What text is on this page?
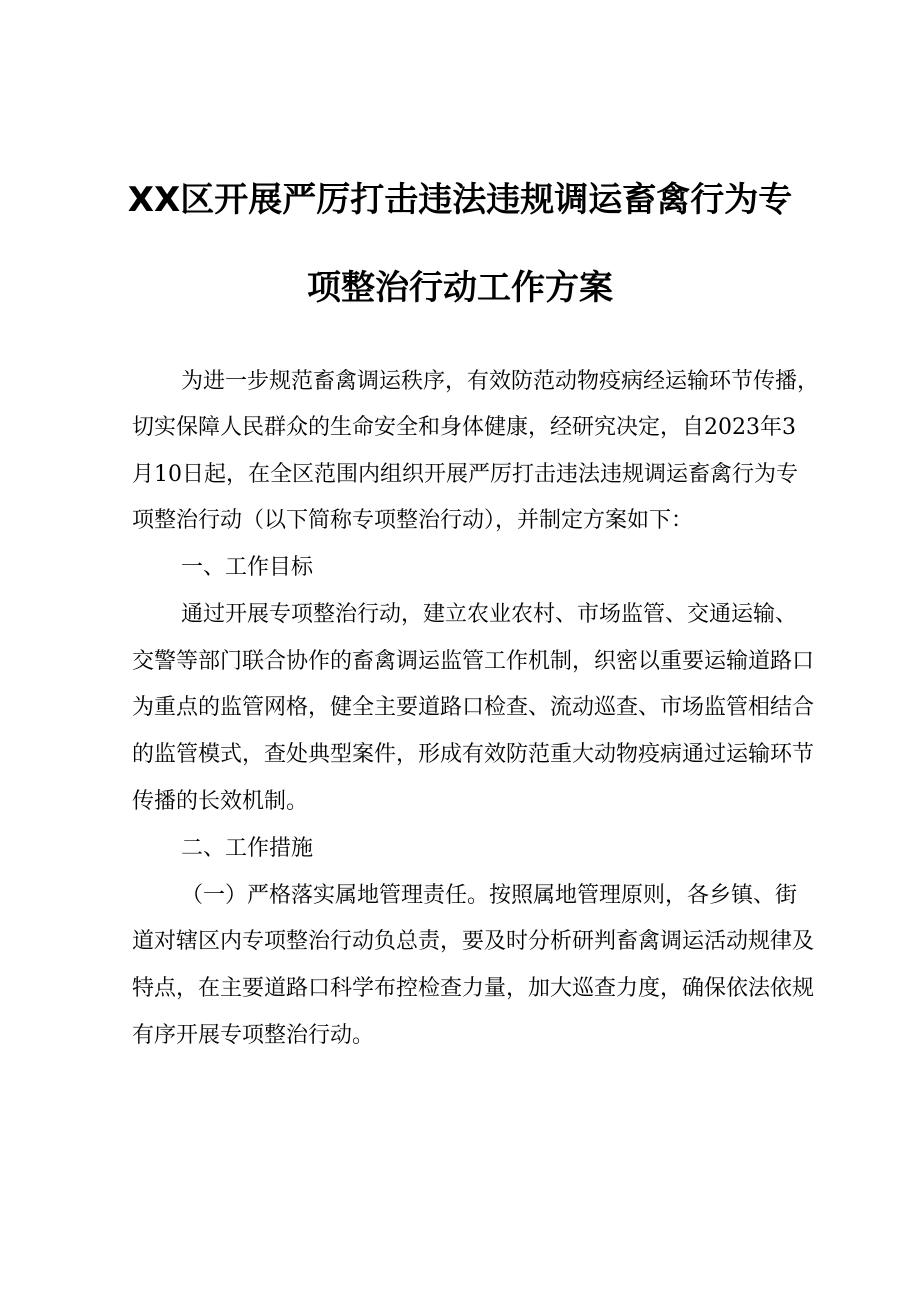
XX区开展严厉打击违法违规调运畜禽行为专
项整治行动工作方案
为进一步规范畜禽调运秩序，有效防范动物疫病经运输环节传播，
切实保障人民群众的生命安全和身体健康，经研究决定，自2023年3
月10日起，在全区范围内组织开展严厉打击违法违规调运畜禽行为专
项整治行动（以下简称专项整治行动），并制定方案如下：
一、工作目标
通过开展专项整治行动，建立农业农村、市场监管、交通运输、
交警等部门联合协作的畜禽调运监管工作机制，织密以重要运输道路口
为重点的监管网格，健全主要道路口检查、流动巡查、市场监管相结合
的监管模式，查处典型案件，形成有效防范重大动物疫病通过运输环节
传播的长效机制。
二、工作措施
（一）严格落实属地管理责任。按照属地管理原则，各乡镇、街
道对辖区内专项整治行动负总责，要及时分析研判畜禽调运活动规律及
特点，在主要道路口科学布控检查力量，加大巡查力度，确保依法依规
有序开展专项整治行动。
